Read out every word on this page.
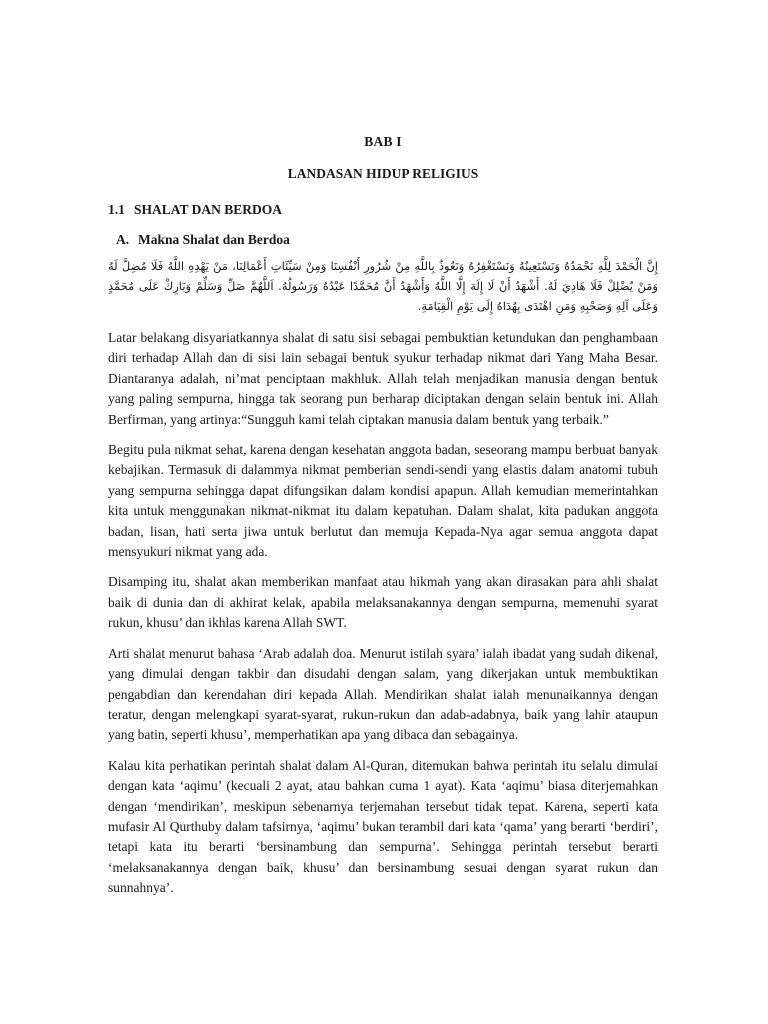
BAB I
LANDASAN HIDUP RELIGIUS
1.1 SHALAT DAN BERDOA
A. Makna Shalat dan Berdoa
إِنَّ الْحَمْدَ لِلَّهِ نَحْمَدُهُ وَنَسْتَعِينُهُ وَنَسْتَغْفِرُهُ وَنَعُوذُ بِاللَّهِ مِنْ شُرُورِ أَنْفُسِنَا وَمِنْ سَيِّئَاتِ أَعْمَالِنَا، مَنْ يَهْدِهِ اللَّهُ فَلَا مُضِلَّ لَهُ وَمَنْ يُضْلِلْ فَلَا هَادِيَ لَهُ. أَشْهَدُ أَنْ لَا إِلَهَ إِلَّا اللَّهُ وَأَشْهَدُ أَنَّ مُحَمَّدًا عَبْدُهُ وَرَسُولُهُ. اَللَّهُمَّ صَلِّ وَسَلِّمْ وَبَارِكْ عَلَى مُحَمَّدٍ وَعَلَى آلِهِ وَصَحْبِهِ وَمَنِ اهْتَدَى بِهُدَاهُ إِلَى يَوْمِ الْقِيَامَةِ.

Latar belakang disyariatkannya shalat di satu sisi sebagai pembuktian ketundukan dan penghambaan diri terhadap Allah dan di sisi lain sebagai bentuk syukur terhadap nikmat dari Yang Maha Besar. Diantaranya adalah, ni’mat penciptaan makhluk. Allah telah menjadikan manusia dengan bentuk yang paling sempurna, hingga tak seorang pun berharap diciptakan dengan selain bentuk ini. Allah Berfirman, yang artinya:“Sungguh kami telah ciptakan manusia dalam bentuk yang terbaik.”

Begitu pula nikmat sehat, karena dengan kesehatan anggota badan, seseorang mampu berbuat banyak kebajikan. Termasuk di dalammya nikmat pemberian sendi-sendi yang elastis dalam anatomi tubuh yang sempurna sehingga dapat difungsikan dalam kondisi apapun. Allah kemudian memerintahkan kita untuk menggunakan nikmat-nikmat itu dalam kepatuhan. Dalam shalat, kita padukan anggota badan, lisan, hati serta jiwa untuk berlutut dan memuja Kepada-Nya agar semua anggota dapat mensyukuri nikmat yang ada.

Disamping itu, shalat akan memberikan manfaat atau hikmah yang akan dirasakan para ahli shalat baik di dunia dan di akhirat kelak, apabila melaksanakannya dengan sempurna, memenuhi syarat rukun, khusu’ dan ikhlas karena Allah SWT.

Arti shalat menurut bahasa ‘Arab adalah doa. Menurut istilah syara’ ialah ibadat yang sudah dikenal, yang dimulai dengan takbir dan disudahi dengan salam, yang dikerjakan untuk membuktikan pengabdian dan kerendahan diri kepada Allah. Mendirikan shalat ialah menunaikannya dengan teratur, dengan melengkapi syarat-syarat, rukun-rukun dan adab-adabnya, baik yang lahir ataupun yang batin, seperti khusu’, memperhatikan apa yang dibaca dan sebagainya.

Kalau kita perhatikan perintah shalat dalam Al-Quran, ditemukan bahwa perintah itu selalu dimulai dengan kata ‘aqimu’ (kecuali 2 ayat, atau bahkan cuma 1 ayat). Kata ‘aqimu’ biasa diterjemahkan dengan ‘mendirikan’, meskipun sebenarnya terjemahan tersebut tidak tepat. Karena, seperti kata mufasir Al Qurthuby dalam tafsirnya, ‘aqimu’ bukan terambil dari kata ‘qama’ yang berarti ‘berdiri’, tetapi kata itu berarti ‘bersinambung dan sempurna’. Sehingga perintah tersebut berarti ‘melaksanakannya dengan baik, khusu’ dan bersinambung sesuai dengan syarat rukun dan sunnahnya’.
